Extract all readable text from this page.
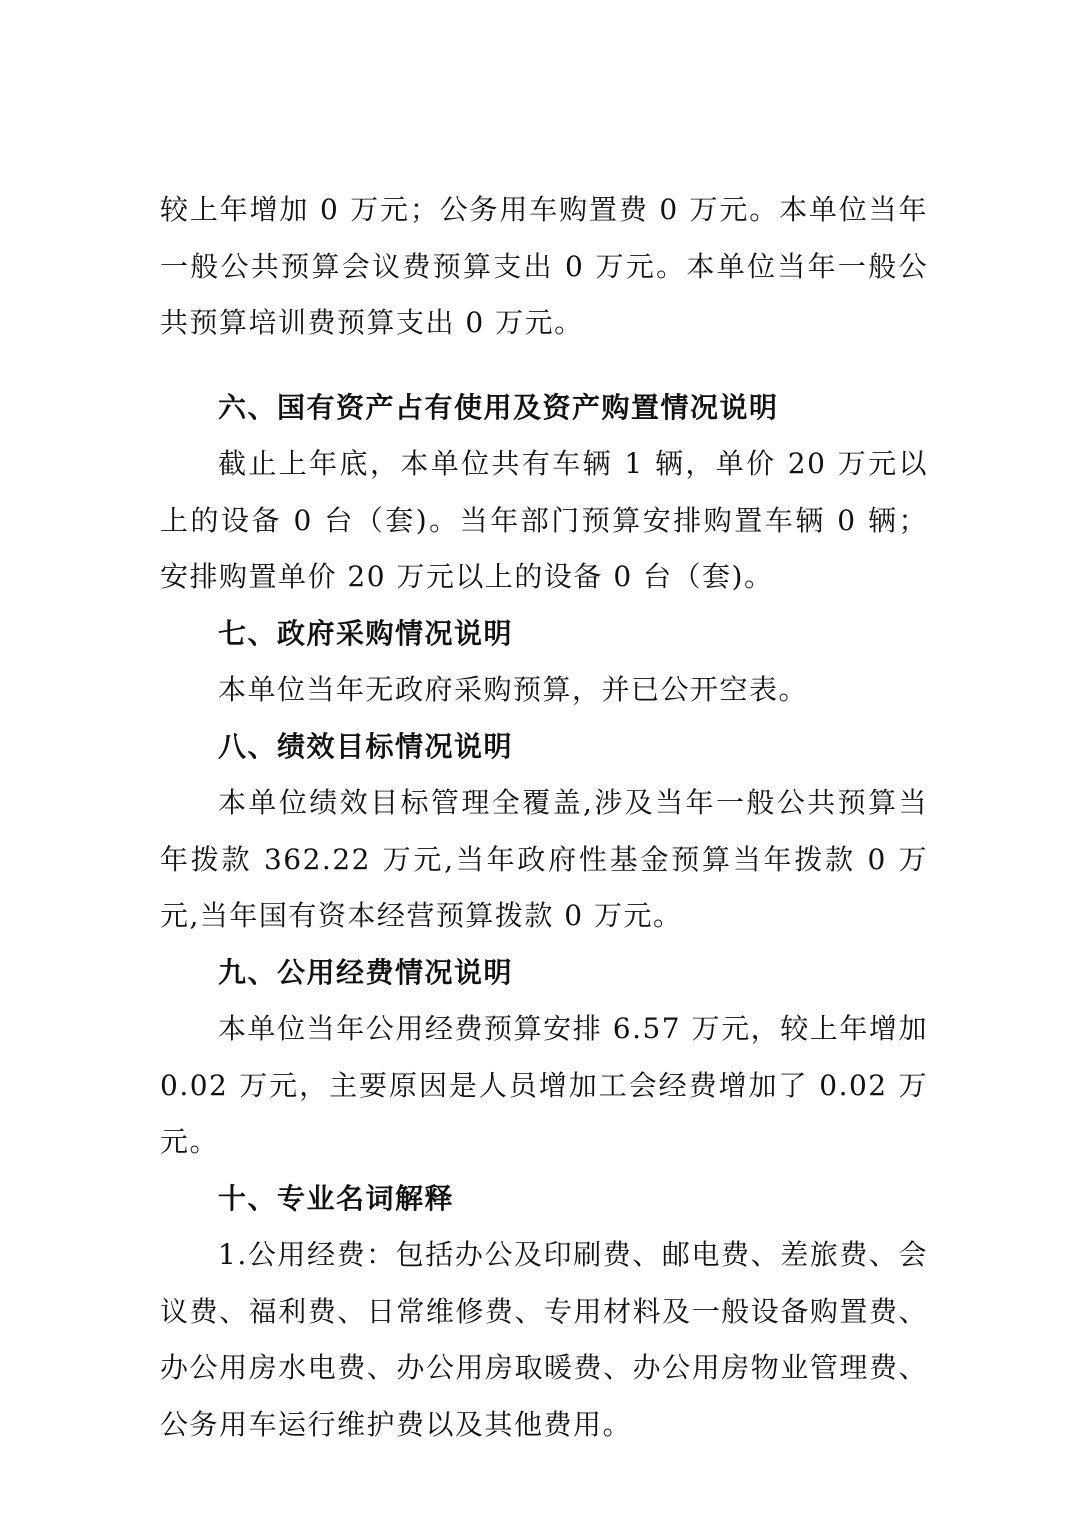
较上年增加 0 万元；公务用车购置费 0 万元。本单位当年一般公共预算会议费预算支出 0 万元。本单位当年一般公共预算培训费预算支出 0 万元。

六、国有资产占有使用及资产购置情况说明

截止上年底，本单位共有车辆 1 辆，单价 20 万元以上的设备 0 台（套)。当年部门预算安排购置车辆 0 辆；安排购置单价 20 万元以上的设备 0 台（套)。

七、政府采购情况说明

本单位当年无政府采购预算，并已公开空表。

八、绩效目标情况说明

本单位绩效目标管理全覆盖,涉及当年一般公共预算当年拨款 362.22 万元,当年政府性基金预算当年拨款 0 万元,当年国有资本经营预算拨款 0 万元。

九、公用经费情况说明

本单位当年公用经费预算安排 6.57 万元，较上年增加 0.02 万元，主要原因是人员增加工会经费增加了 0.02 万元。

十、专业名词解释

1.公用经费：包括办公及印刷费、邮电费、差旅费、会议费、福利费、日常维修费、专用材料及一般设备购置费、办公用房水电费、办公用房取暖费、办公用房物业管理费、公务用车运行维护费以及其他费用。
